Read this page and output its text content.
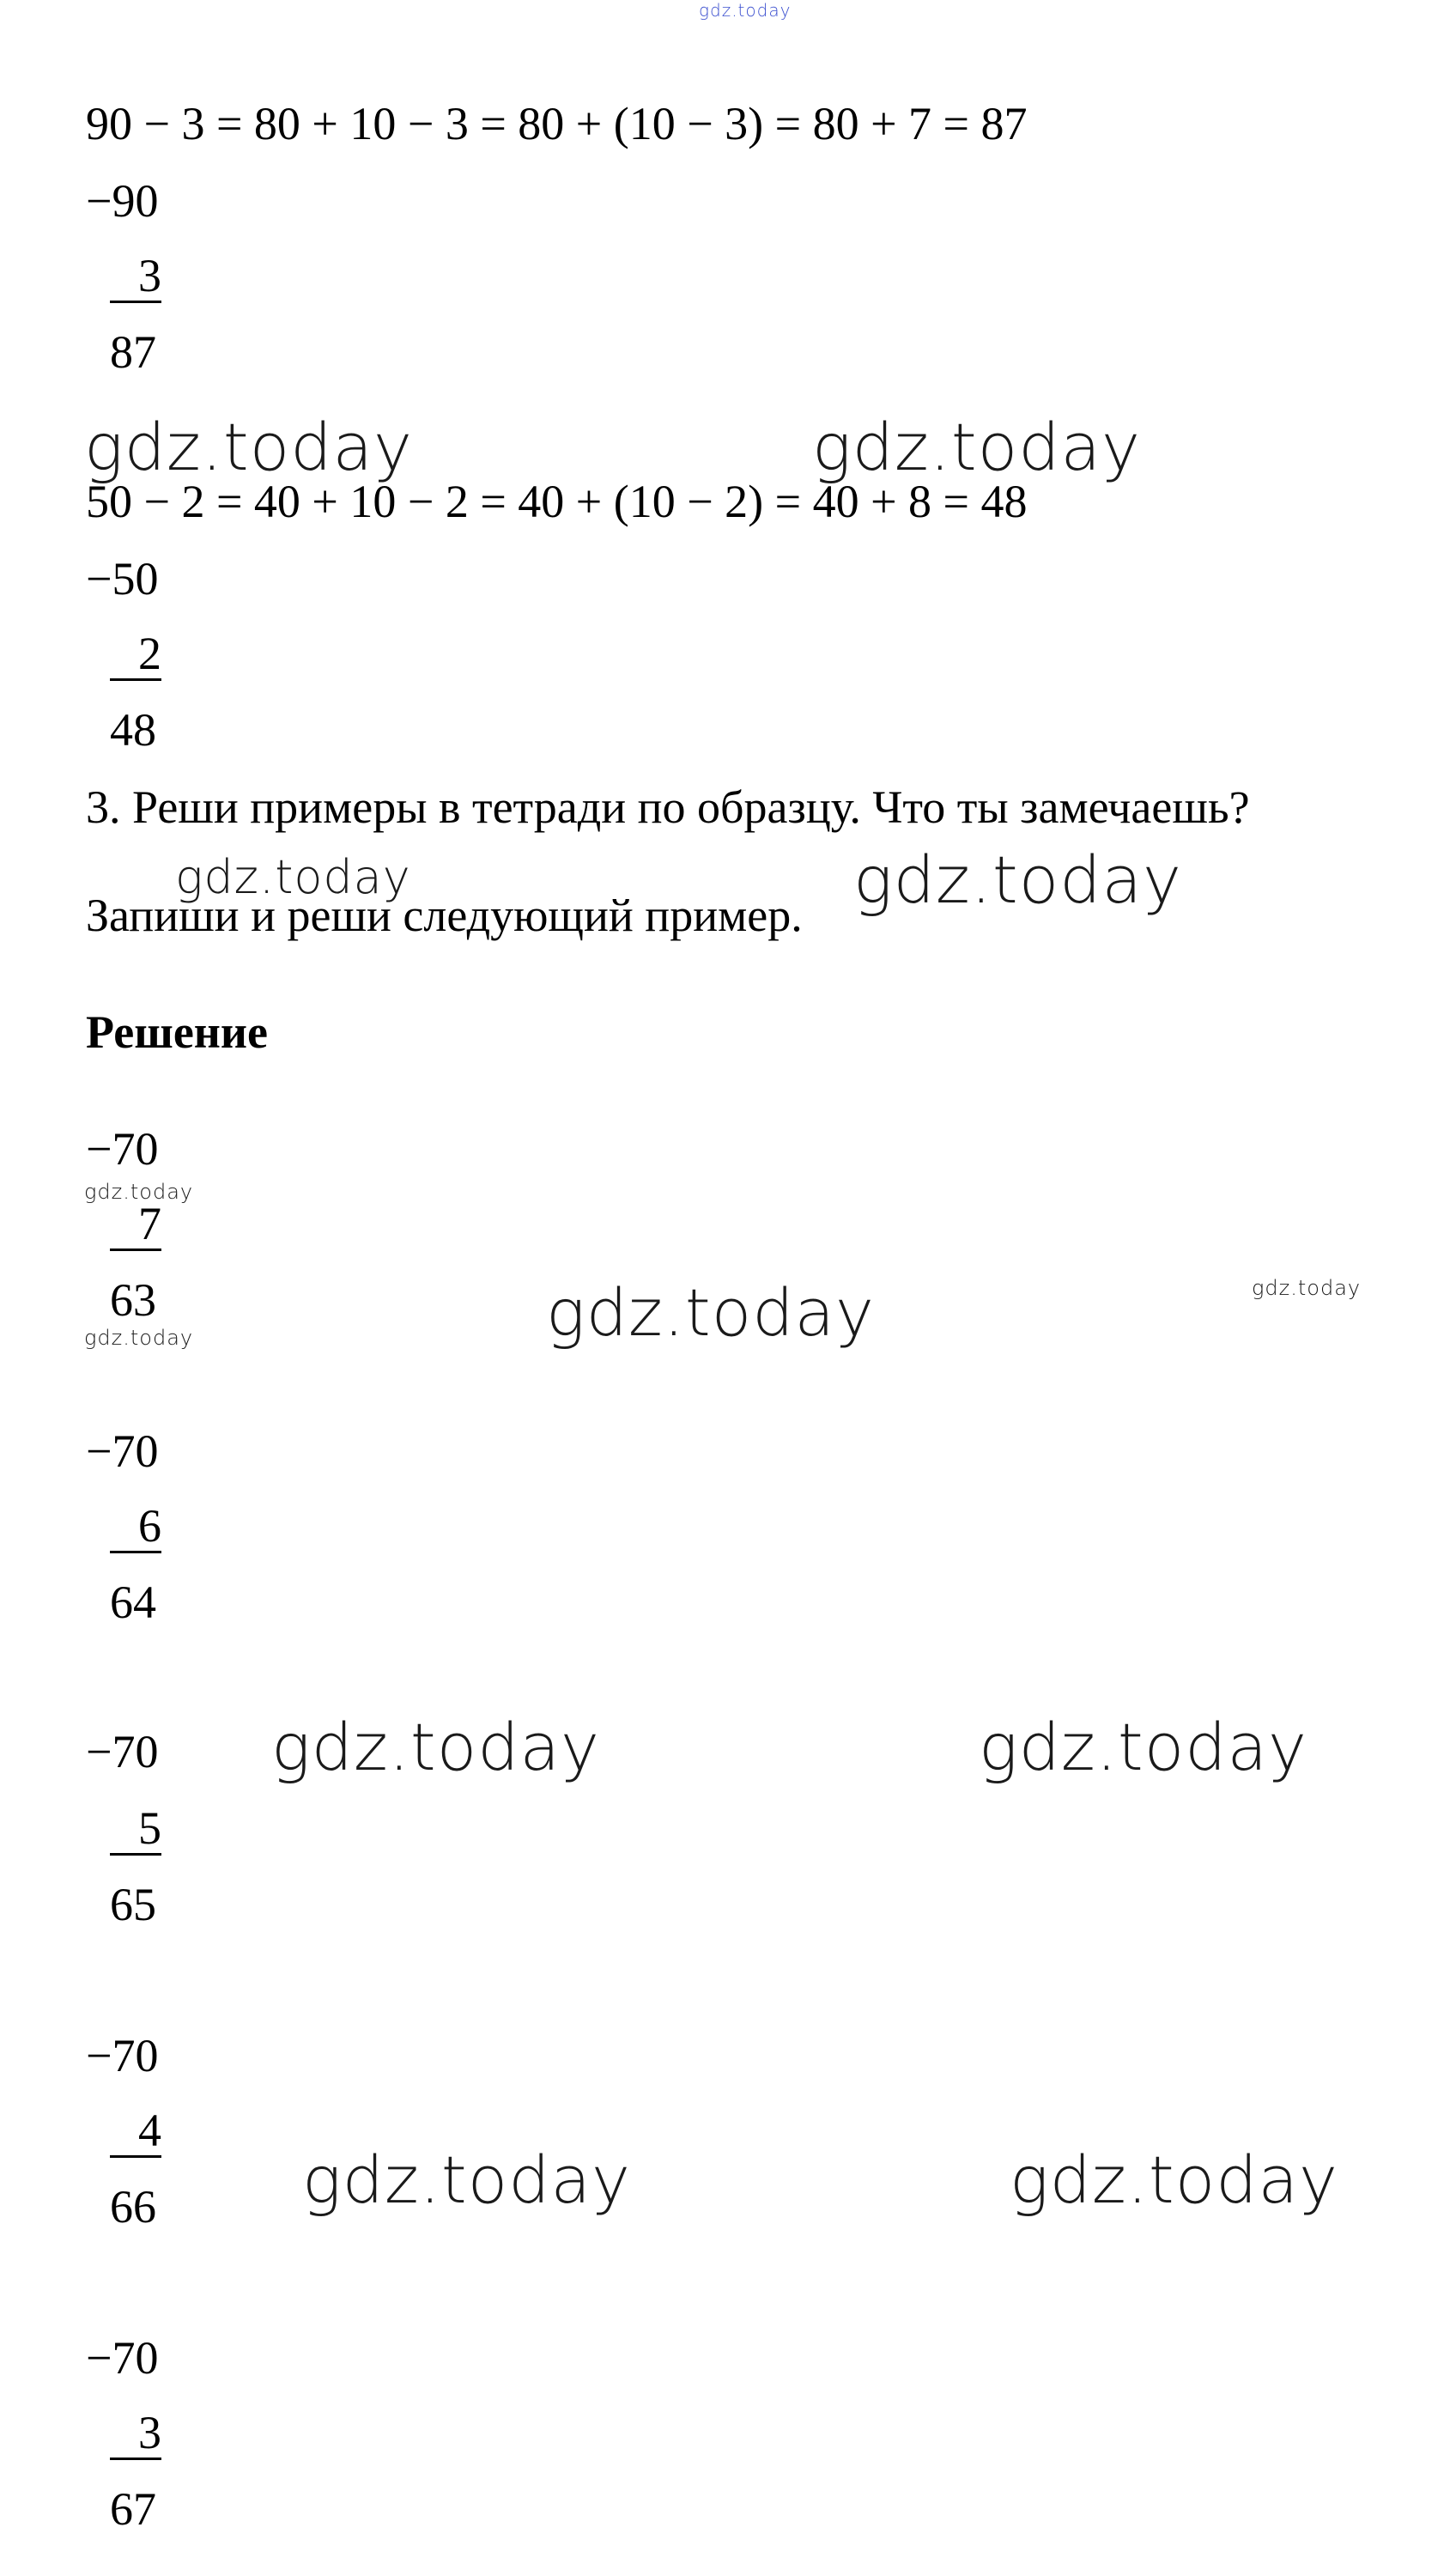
gdz.today
90 − 3 = 80 + 10 − 3 = 80 + (10 − 3) = 80 + 7 = 87
−90
3
87
gdz.today	gdz.today
50 − 2 = 40 + 10 − 2 = 40 + (10 − 2) = 40 + 8 = 48
−50
2
48
3. Реши примеры в тетради по образцу. Что ты замечаешь?
gdz.today	gdz.today
Запиши и реши следующий пример.
Решение
−70
gdz.today
7
63
gdz.today	gdz.today	gdz.today
−70
6
64
−70 gdz.today	gdz.today
5
65
−70
4
gdz.today	gdz.today
66
−70
3
67
